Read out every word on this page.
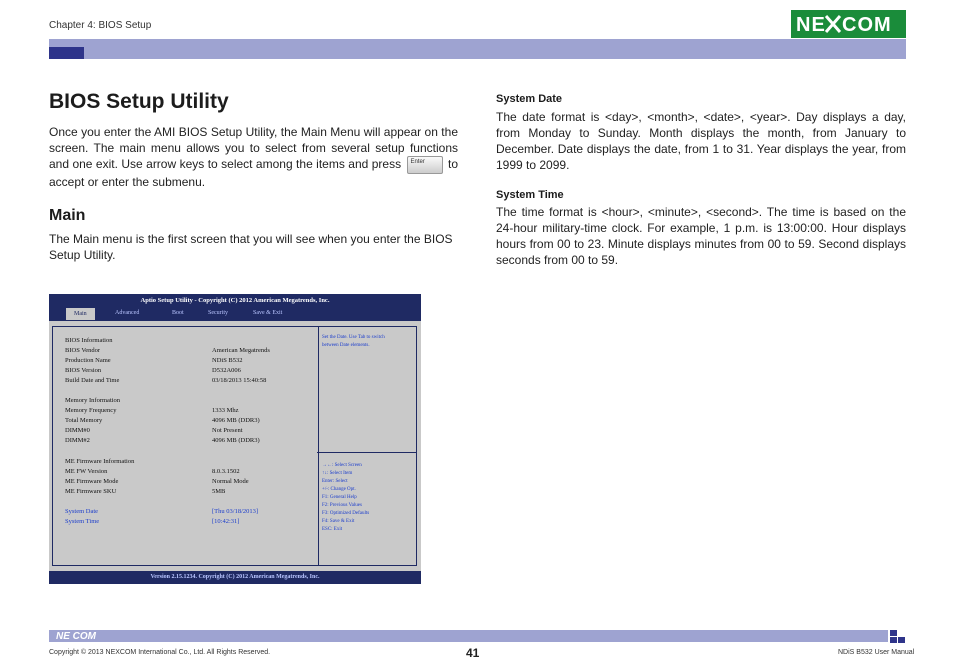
Chapter 4: BIOS Setup	NE COM
BIOS Setup Utility
Once you enter the AMI BIOS Setup Utility, the Main Menu will appear on the screen. The main menu allows you to select from several setup functions and one exit. Use arrow keys to select among the items and press Enter to accept or enter the submenu.
Main
The Main menu is the first screen that you will see when you enter the BIOS Setup Utility.
Aptio Setup Utility - Copyright (C) 2012 American Megatrends, Inc.
Main	Advanced	Boot	Security	Save & Exit
BIOS Information
BIOS Vendor	American Megatrends
Production Name	NDiS B532
BIOS Version	D532A006
Build Date and Time	03/18/2013 15:40:58
Memory Information
Memory Frequency	1333 Mhz
Total Memory	4096 MB (DDR3)
DIMM#0	Not Present
DIMM#2	4096 MB (DDR3)
ME Firmware Information
ME FW Version	8.0.3.1502
ME Firmware Mode	Normal Mode
ME Firmware SKU	5MB
System Date	[Thu 03/18/2013]
System Time	[10:42:31]
Set the Date. Use Tab to switch
between Date elements.
→←: Select Screen
↑↓: Select Item
Enter: Select
+/-: Change Opt.
F1: General Help
F2: Previous Values
F3: Optimized Defaults
F4: Save & Exit
ESC: Exit
Version 2.15.1234. Copyright (C) 2012 American Megatrends, Inc.
System Date
The date format is <day>, <month>, <date>, <year>. Day displays a day, from Monday to Sunday. Month displays the month, from January to December. Date displays the date, from 1 to 31. Year displays the year, from 1999 to 2099.
System Time
The time format is <hour>, <minute>, <second>. The time is based on the 24-hour military-time clock. For example, 1 p.m. is 13:00:00. Hour displays hours from 00 to 23. Minute displays minutes from 00 to 59. Second displays seconds from 00 to 59.
NE COM
Copyright © 2013 NEXCOM International Co., Ltd. All Rights Reserved.	41	NDiS B532 User Manual
